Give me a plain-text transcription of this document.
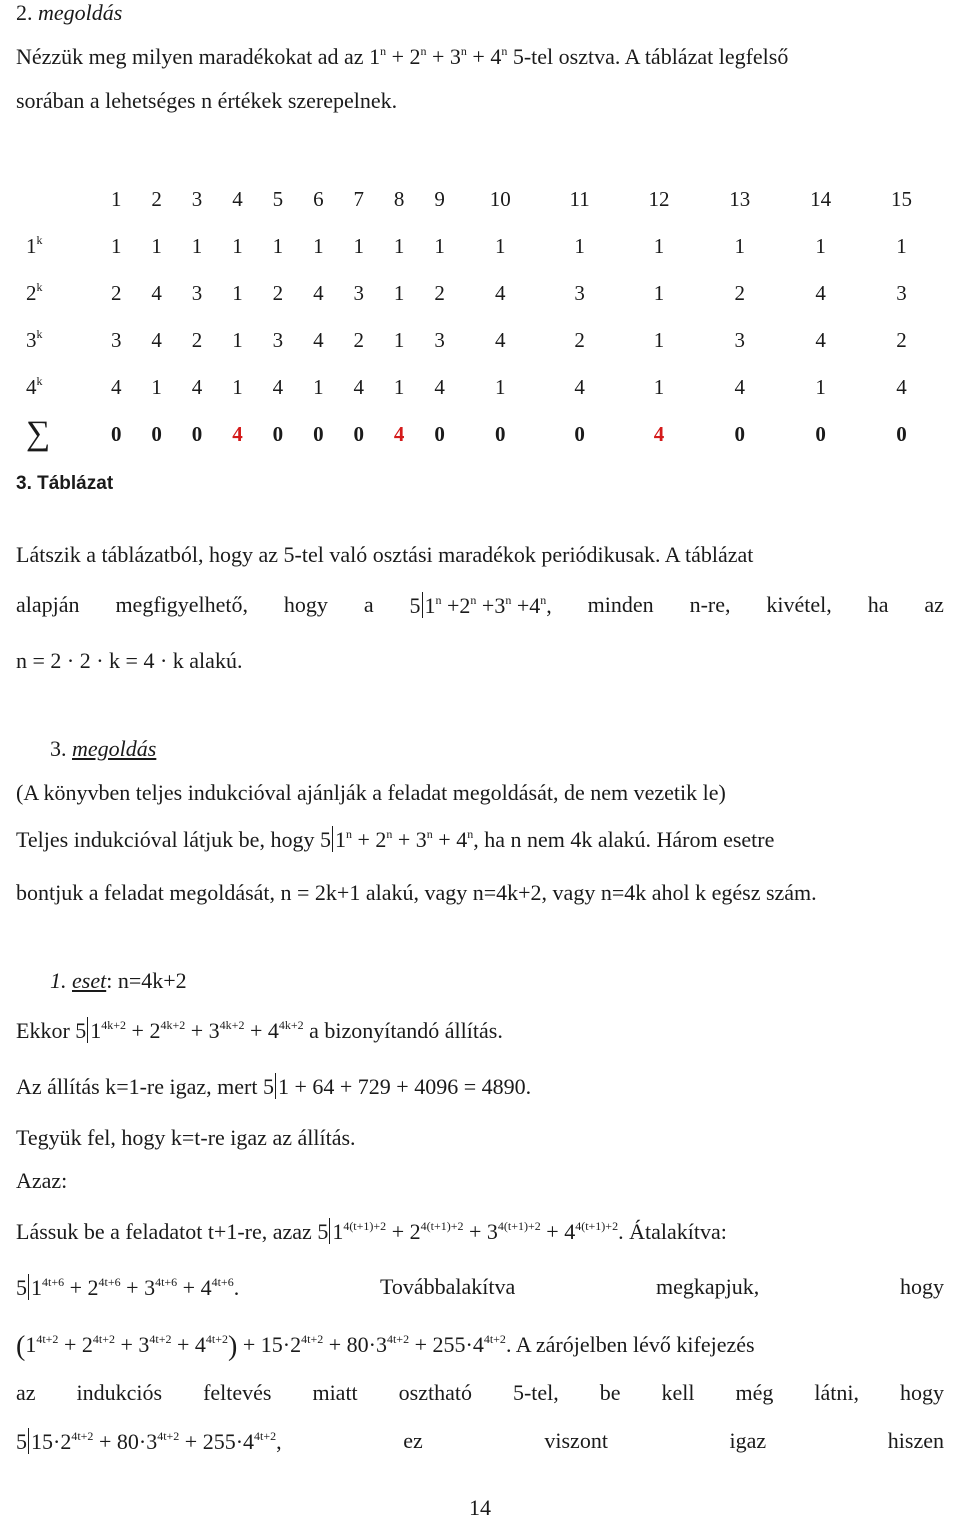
2. megoldás
Nézzük meg milyen maradékokat ad az $1^n + 2^n + 3^n + 4^n$ 5-tel osztva. A táblázat legfelső
sorában a lehetséges n értékek szerepelnek.
	1	2	3	4	5	6	7	8	9	10	11	12	13	14	15
1$^k$	1	1	1	1	1	1	1	1	1	1	1	1	1	1	1
2$^k$	2	4	3	1	2	4	3	1	2	4	3	1	2	4	3
3$^k$	3	4	2	1	3	4	2	1	3	4	2	1	3	4	2
4$^k$	4	1	4	1	4	1	4	1	4	1	4	1	4	1	4
∑	0	0	0	4	0	0	0	4	0	0	0	4	0	0	0
3. Táblázat
Látszik a táblázatból, hogy az 5-tel való osztási maradékok periódikusak. A táblázat
alapján megfigyelhető, hogy a 5 $1^n +2^n +3^n +4^n$, minden n-re, kivétel, ha az
n = 2 · 2 · k = 4 · k alakú.
3. megoldás
(A könyvben teljes indukcióval ajánlják a feladat megoldását, de nem vezetik le)
Teljes indukcióval látjuk be, hogy 5 $1^n + 2^n + 3^n + 4^n$, ha n nem 4k alakú. Három esetre
bontjuk a feladat megoldását, n = 2k+1 alakú, vagy n=4k+2, vagy n=4k ahol k egész szám.
1. eset: n=4k+2
Ekkor 5 $1^{4k+2} + 2^{4k+2} + 3^{4k+2} + 4^{4k+2}$ a bizonyítandó állítás.
Az állítás k=1-re igaz, mert 5 1 + 64 + 729 + 4096 = 4890.
Tegyük fel, hogy k=t-re igaz az állítás.
Azaz:
Lássuk be a feladatot t+1-re, azaz 5 $1^{4(t+1)+2} + 2^{4(t+1)+2} + 3^{4(t+1)+2} + 4^{4(t+1)+2}$. Átalakítva:
5 $1^{4t+6} + 2^{4t+6} + 3^{4t+6} + 4^{4t+6}$.	Továbbalakítva	megkapjuk,	hogy
$(1^{4t+2} + 2^{4t+2} + 3^{4t+2} + 4^{4t+2}) + 15\cdot 2^{4t+2} + 80\cdot 3^{4t+2} + 255\cdot 4^{4t+2}$. A zárójelben lévő kifejezés
az indukciós feltevés miatt osztható 5-tel, be kell még látni, hogy
5 $15\cdot 2^{4t+2} + 80\cdot 3^{4t+2} + 255\cdot 4^{4t+2}$,	ez	viszont	igaz	hiszen
14
